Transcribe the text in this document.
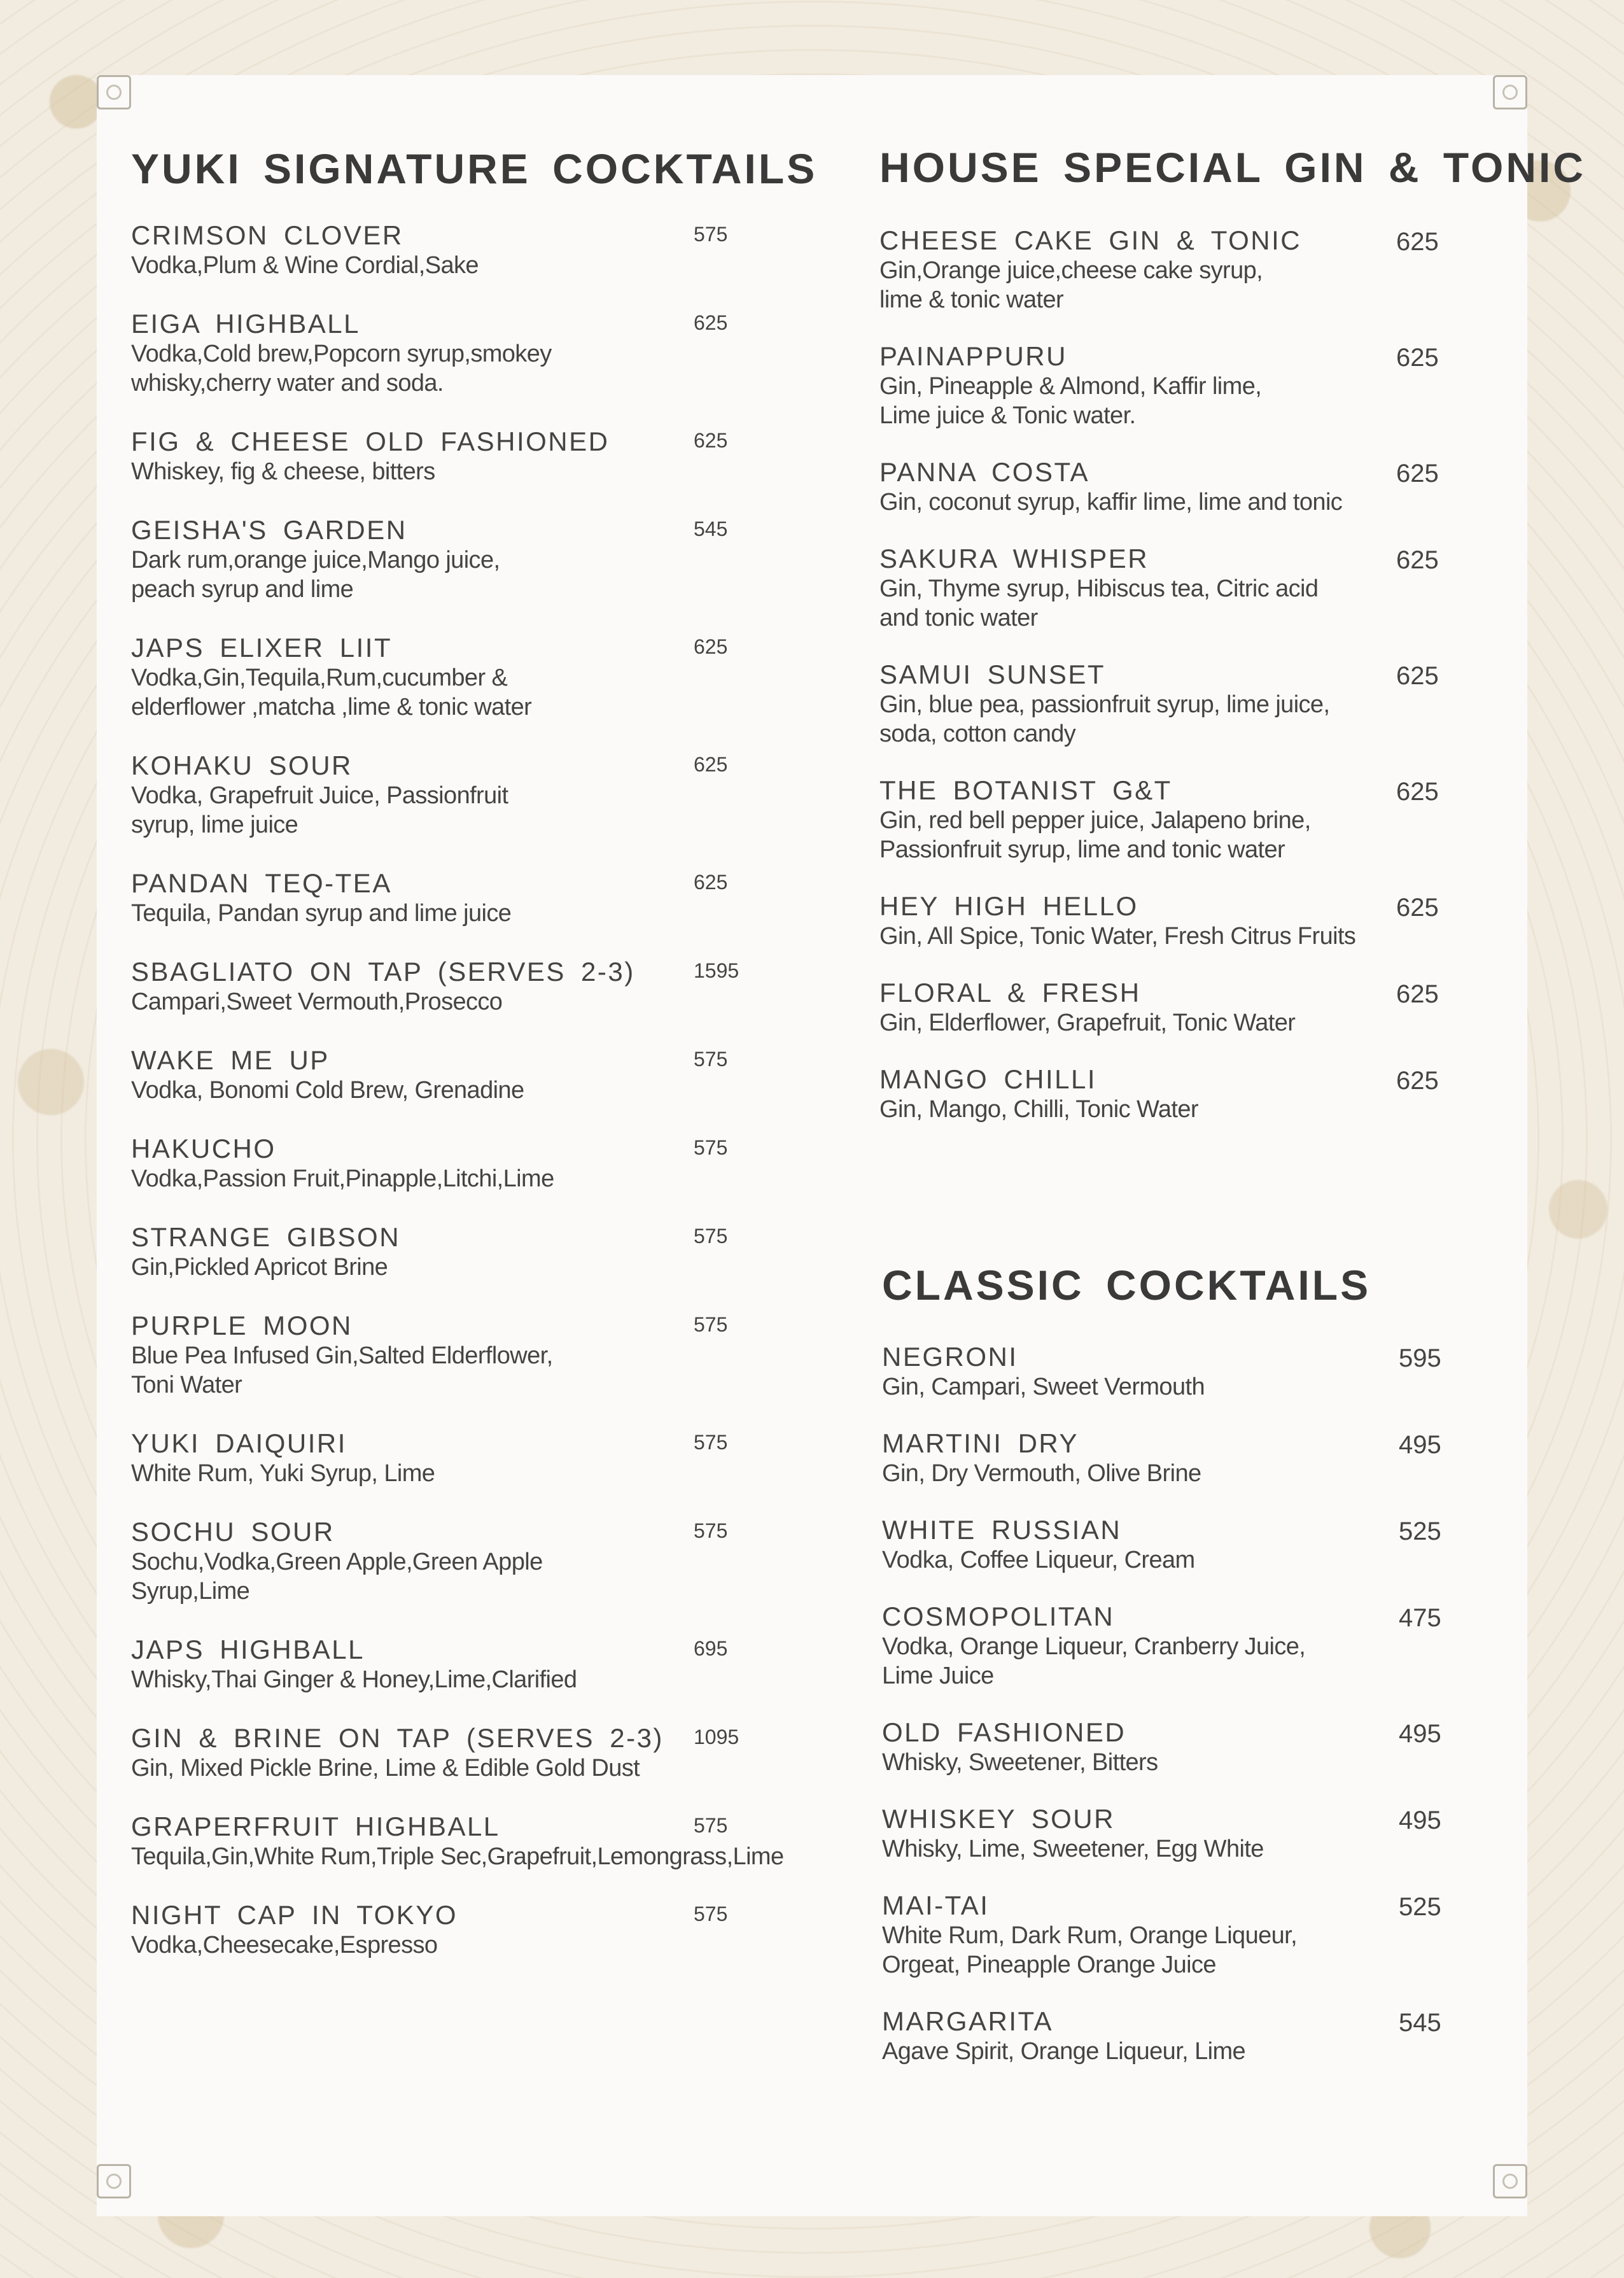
YUKI SIGNATURE COCKTAILS
CRIMSON CLOVER	575
Vodka,Plum & Wine Cordial,Sake
EIGA HIGHBALL	625
Vodka,Cold brew,Popcorn syrup,smokey
whisky,cherry water and soda.
FIG & CHEESE OLD FASHIONED	625
Whiskey, fig & cheese, bitters
GEISHA'S GARDEN	545
Dark rum,orange juice,Mango juice,
peach syrup and lime
JAPS ELIXER LIIT	625
Vodka,Gin,Tequila,Rum,cucumber &
elderflower ,matcha ,lime & tonic water
KOHAKU SOUR	625
Vodka, Grapefruit Juice, Passionfruit
syrup, lime juice
PANDAN TEQ-TEA	625
Tequila, Pandan syrup and lime juice
SBAGLIATO ON TAP (SERVES 2-3)	1595
Campari,Sweet Vermouth,Prosecco
WAKE ME UP	575
Vodka, Bonomi Cold Brew, Grenadine
HAKUCHO	575
Vodka,Passion Fruit,Pinapple,Litchi,Lime
STRANGE GIBSON	575
Gin,Pickled Apricot Brine
PURPLE MOON	575
Blue Pea Infused Gin,Salted Elderflower,
Toni Water
YUKI DAIQUIRI	575
White Rum, Yuki Syrup, Lime
SOCHU SOUR	575
Sochu,Vodka,Green Apple,Green Apple
Syrup,Lime
JAPS HIGHBALL	695
Whisky,Thai Ginger & Honey,Lime,Clarified
GIN & BRINE ON TAP (SERVES 2-3)	1095
Gin, Mixed Pickle Brine, Lime & Edible Gold Dust
GRAPERFRUIT HIGHBALL	575
Tequila,Gin,White Rum,Triple Sec,Grapefruit,Lemongrass,Lime
NIGHT CAP IN TOKYO	575
Vodka,Cheesecake,Espresso
HOUSE SPECIAL GIN & TONIC
CHEESE CAKE GIN & TONIC	625
Gin,Orange juice,cheese cake syrup,
lime & tonic water
PAINAPPURU	625
Gin, Pineapple & Almond, Kaffir lime,
Lime juice & Tonic water.
PANNA COSTA	625
Gin, coconut syrup, kaffir lime, lime and tonic
SAKURA WHISPER	625
Gin, Thyme syrup, Hibiscus tea, Citric acid
and tonic water
SAMUI SUNSET	625
Gin, blue pea, passionfruit syrup, lime juice,
soda, cotton candy
THE BOTANIST G&T	625
Gin, red bell pepper juice, Jalapeno brine,
Passionfruit syrup, lime and tonic water
HEY HIGH HELLO	625
Gin, All Spice, Tonic Water, Fresh Citrus Fruits
FLORAL & FRESH	625
Gin, Elderflower, Grapefruit, Tonic Water
MANGO CHILLI	625
Gin, Mango, Chilli, Tonic Water
CLASSIC COCKTAILS
NEGRONI	595
Gin, Campari, Sweet Vermouth
MARTINI DRY	495
Gin, Dry Vermouth, Olive Brine
WHITE RUSSIAN	525
Vodka, Coffee Liqueur, Cream
COSMOPOLITAN	475
Vodka, Orange Liqueur, Cranberry Juice,
Lime Juice
OLD FASHIONED	495
Whisky, Sweetener, Bitters
WHISKEY SOUR	495
Whisky, Lime, Sweetener, Egg White
MAI-TAI	525
White Rum, Dark Rum, Orange Liqueur,
Orgeat, Pineapple Orange Juice
MARGARITA	545
Agave Spirit, Orange Liqueur, Lime
